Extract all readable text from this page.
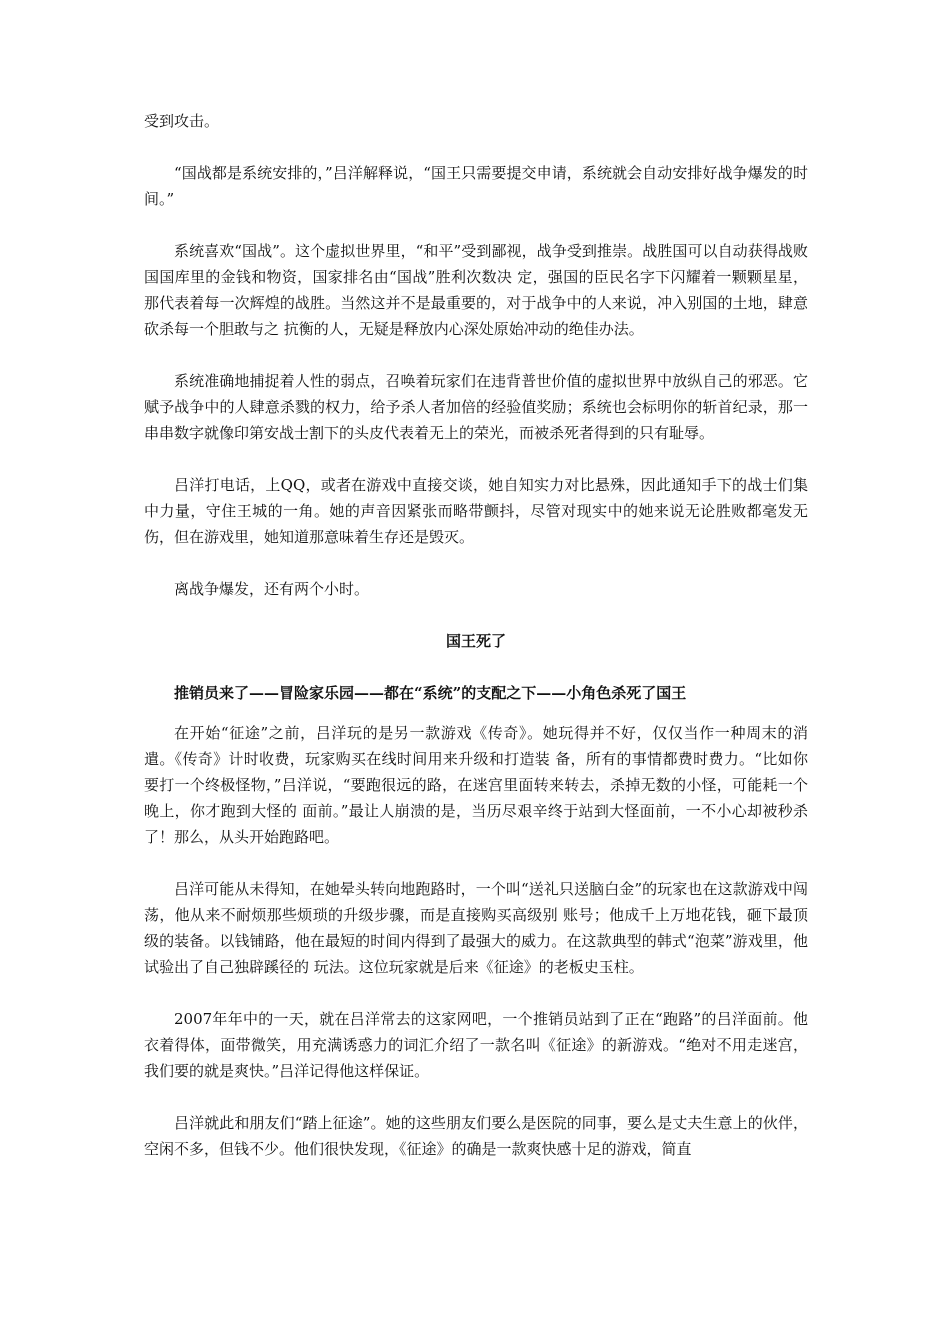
受到攻击。

“国战都是系统安排的，”吕洋解释说，“国王只需要提交申请，系统就会自动安排好战争爆发的时间。”

系统喜欢“国战”。这个虚拟世界里，“和平”受到鄙视，战争受到推崇。战胜国可以自动获得战败国国库里的金钱和物资，国家排名由“国战”胜利次数决 定，强国的臣民名字下闪耀着一颗颗星星，那代表着每一次辉煌的战胜。当然这并不是最重要的，对于战争中的人来说，冲入别国的土地，肆意砍杀每一个胆敢与之 抗衡的人，无疑是释放内心深处原始冲动的绝佳办法。

系统准确地捕捉着人性的弱点，召唤着玩家们在违背普世价值的虚拟世界中放纵自己的邪恶。它赋予战争中的人肆意杀戮的权力，给予杀人者加倍的经验值奖励；系统也会标明你的斩首纪录，那一串串数字就像印第安战士割下的头皮代表着无上的荣光，而被杀死者得到的只有耻辱。

吕洋打电话，上QQ，或者在游戏中直接交谈，她自知实力对比悬殊，因此通知手下的战士们集中力量，守住王城的一角。她的声音因紧张而略带颤抖，尽管对现实中的她来说无论胜败都毫发无伤，但在游戏里，她知道那意味着生存还是毁灭。

离战争爆发，还有两个小时。

国王死了
推销员来了——冒险家乐园——都在“系统”的支配之下——小角色杀死了国王

在开始“征途”之前，吕洋玩的是另一款游戏《传奇》。她玩得并不好，仅仅当作一种周末的消遣。《传奇》计时收费，玩家购买在线时间用来升级和打造装 备，所有的事情都费时费力。“比如你要打一个终极怪物，”吕洋说，“要跑很远的路，在迷宫里面转来转去，杀掉无数的小怪，可能耗一个晚上，你才跑到大怪的 面前。”最让人崩溃的是，当历尽艰辛终于站到大怪面前，一不小心却被秒杀了！那么，从头开始跑路吧。

吕洋可能从未得知，在她晕头转向地跑路时，一个叫“送礼只送脑白金”的玩家也在这款游戏中闯荡，他从来不耐烦那些烦琐的升级步骤，而是直接购买高级别 账号；他成千上万地花钱，砸下最顶级的装备。以钱铺路，他在最短的时间内得到了最强大的威力。在这款典型的韩式“泡菜”游戏里，他试验出了自己独辟蹊径的 玩法。这位玩家就是后来《征途》的老板史玉柱。

2007年年中的一天，就在吕洋常去的这家网吧，一个推销员站到了正在“跑路”的吕洋面前。他衣着得体，面带微笑，用充满诱惑力的词汇介绍了一款名叫《征途》的新游戏。“绝对不用走迷宫，我们要的就是爽快。”吕洋记得他这样保证。

吕洋就此和朋友们“踏上征途”。她的这些朋友们要么是医院的同事，要么是丈夫生意上的伙伴，空闲不多，但钱不少。他们很快发现，《征途》的确是一款爽快感十足的游戏，简直
